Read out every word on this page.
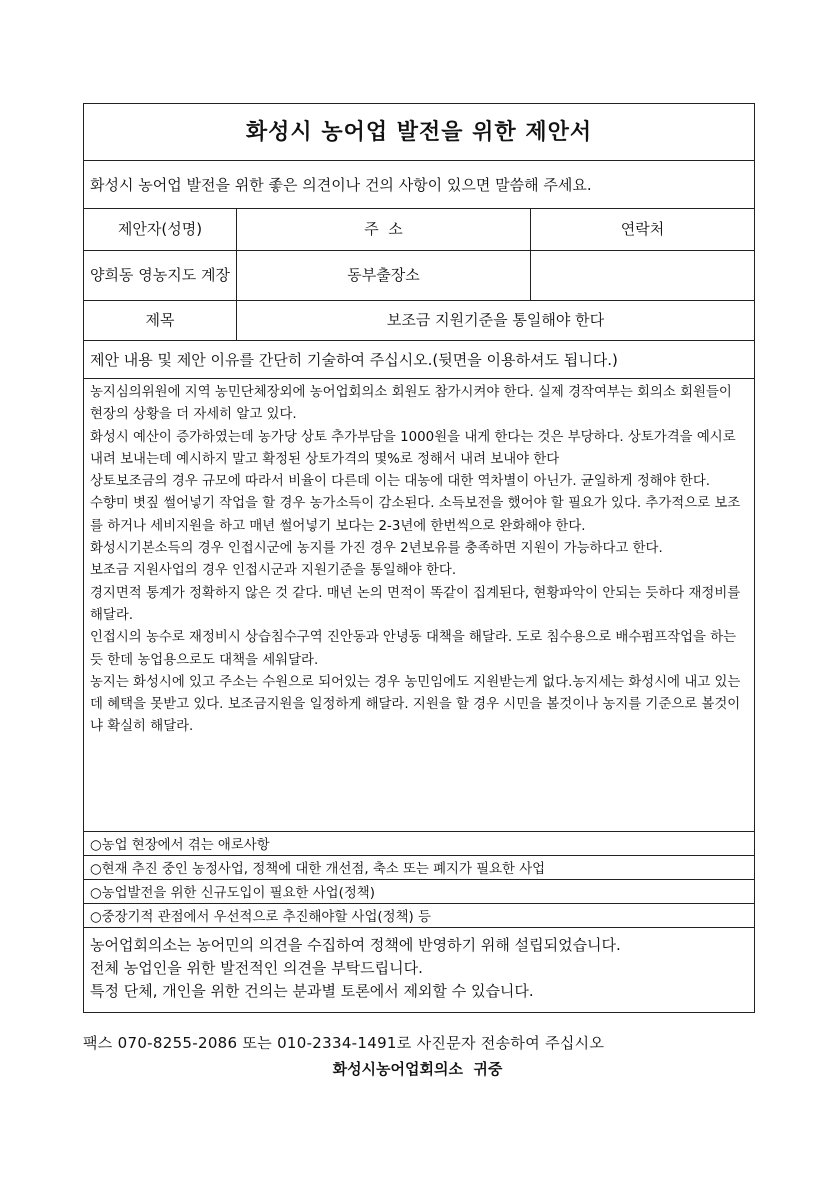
화성시 농어업 발전을 위한 제안서
화성시 농어업 발전을 위한 좋은 의견이나 건의 사항이 있으면 말씀해 주세요.
제안자(성명)	주  소	연락처
양희동 영농지도 계장	동부출장소
제목	보조금 지원기준을 통일해야 한다
제안 내용 및 제안 이유를 간단히 기술하여 주십시오.(뒷면을 이용하셔도 됩니다.)

농지심의위원에 지역 농민단체장외에 농어업회의소 회원도 참가시켜야 한다. 실제 경작여부는 회의소 회원들이 현장의 상황을 더 자세히 알고 있다.

화성시 예산이 증가하였는데 농가당 상토 추가부담을 1000원을 내게 한다는 것은 부당하다. 상토가격을 예시로 내려 보내는데 예시하지 말고 확정된 상토가격의 몇%로 정해서 내려 보내야 한다

상토보조금의 경우 규모에 따라서 비율이 다른데 이는 대농에 대한 역차별이 아닌가. 균일하게 정해야 한다.

수향미 볏짚 썰어넣기 작업을 할 경우 농가소득이 감소된다. 소득보전을 했어야 할 필요가 있다. 추가적으로 보조를 하거나 세비지원을 하고 매년 썰어넣기 보다는 2-3년에 한번씩으로 완화해야 한다.

화성시기본소득의 경우 인접시군에 농지를 가진 경우 2년보유를 충족하면 지원이 가능하다고 한다.

보조금 지원사업의 경우 인접시군과 지원기준을 통일해야 한다.

경지면적 통계가 정확하지 않은 것 같다. 매년 논의 면적이 똑같이 집계된다, 현황파악이 안되는 듯하다 재정비를 해달라.

인접시의 농수로 재정비시 상습침수구역 진안동과 안녕동 대책을 해달라. 도로 침수용으로 배수펌프작업을 하는 듯 한데 농업용으로도 대책을 세워달라.

농지는 화성시에 있고 주소는 수원으로 되어있는 경우 농민임에도 지원받는게 없다.농지세는 화성시에 내고 있는데 혜택을 못받고 있다. 보조금지원을 일정하게 해달라. 지원을 할 경우 시민을 볼것이나 농지를 기준으로 볼것이냐 확실히 해달라.

○농업 현장에서 겪는 애로사항
○현재 추진 중인 농정사업, 정책에 대한 개선점, 축소 또는 폐지가 필요한 사업
○농업발전을 위한 신규도입이 필요한 사업(정책)
○중장기적 관점에서 우선적으로 추진해야할 사업(정책) 등

농어업회의소는 농어민의 의견을 수집하여 정책에 반영하기 위해 설립되었습니다.

전체 농업인을 위한 발전적인 의견을 부탁드립니다.

특정 단체, 개인을 위한 건의는 분과별 토론에서 제외할 수 있습니다.

팩스 070-8255-2086 또는 010-2334-1491로 사진문자 전송하여 주십시오
화성시농어업회의소  귀중
